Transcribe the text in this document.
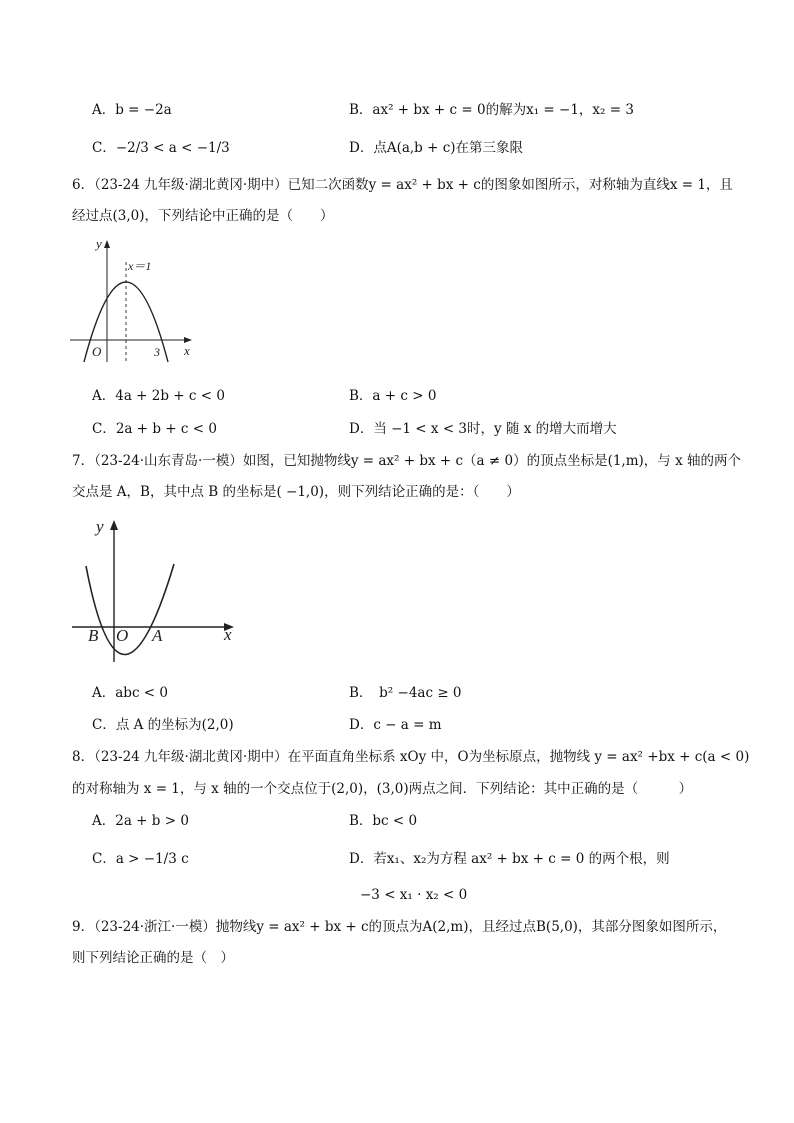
A．b = −2a	B．ax² + bx + c = 0的解为x₁ = −1，x₂ = 3
C．−2/3 < a < −1/3	D．点A(a,b + c)在第三象限
6．（23-24 九年级·湖北黄冈·期中）已知二次函数y = ax² + bx + c的图象如图所示，对称轴为直线x = 1，且
经过点(3,0)，下列结论中正确的是（　　）
y
x
O	3
x＝1
A．4a + 2b + c < 0	B．a + c > 0
C．2a + b + c < 0	D．当 −1 < x < 3时，y 随 x 的增大而增大
7．（23-24·山东青岛·一模）如图，已知抛物线y = ax² + bx + c（a ≠ 0）的顶点坐标是(1,m)，与 x 轴的两个
交点是 A，B，其中点 B 的坐标是( −1,0)，则下列结论正确的是：（　　）
y
x
B O A
A．abc < 0	B．　b² −4ac ≥ 0
C．点 A 的坐标为(2,0)	D．c − a = m
8．（23-24 九年级·湖北黄冈·期中）在平面直角坐标系 xOy 中，O为坐标原点，抛物线 y = ax² +bx + c(a < 0)
的对称轴为 x = 1，与 x 轴的一个交点位于(2,0)，(3,0)两点之间．下列结论：其中正确的是（　　　）
A．2a + b > 0	B．bc < 0
C．a > −1/3 c	D．若x₁、x₂为方程 ax² + bx + c = 0 的两个根，则
−3 < x₁ · x₂ < 0
9．（23-24·浙江·一模）抛物线y = ax² + bx + c的顶点为A(2,m)，且经过点B(5,0)，其部分图象如图所示，
则下列结论正确的是（　）
